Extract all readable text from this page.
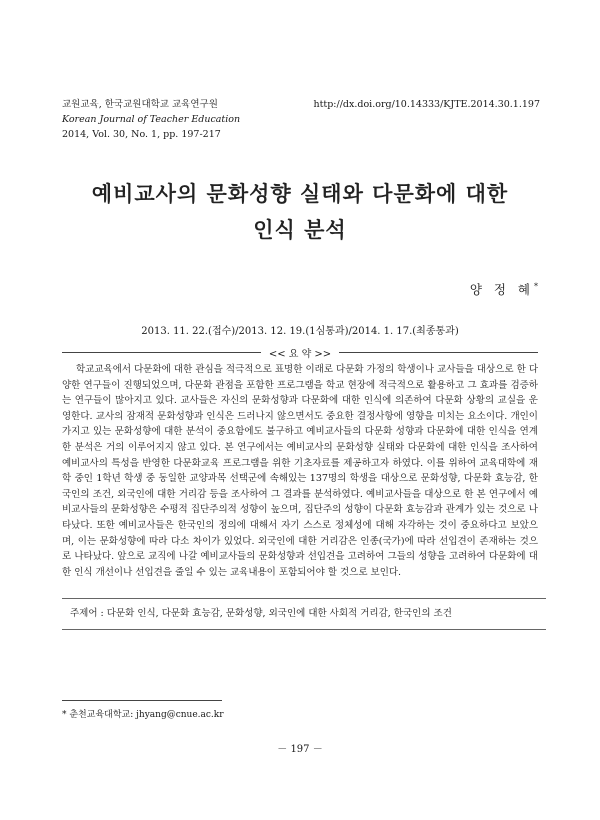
교원교육, 한국교원대학교 교육연구원
Korean Journal of Teacher Education
2014, Vol. 30, No. 1, pp. 197-217
http://dx.doi.org/10.14333/KJTE.2014.30.1.197
예비교사의 문화성향 실태와 다문화에 대한
인식 분석
양 정 혜*
2013. 11. 22.(접수)/2013. 12. 19.(1심통과)/2014. 1. 17.(최종통과)
<< 요 약 >>

학교교육에서 다문화에 대한 관심을 적극적으로 표명한 이래로 다문화 가정의 학생이나 교사들을 대상으로 한 다양한 연구들이 진행되었으며, 다문화 관점을 포함한 프로그램을 학교 현장에 적극적으로 활용하고 그 효과를 검증하는 연구들이 많아지고 있다. 교사들은 자신의 문화성향과 다문화에 대한 인식에 의존하여 다문화 상황의 교실을 운영한다. 교사의 잠재적 문화성향과 인식은 드러나지 않으면서도 중요한 결정사항에 영향을 미치는 요소이다. 개인이 가지고 있는 문화성향에 대한 분석이 중요함에도 불구하고 예비교사들의 다문화 성향과 다문화에 대한 인식을 연계한 분석은 거의 이루어지지 않고 있다. 본 연구에서는 예비교사의 문화성향 실태와 다문화에 대한 인식을 조사하여 예비교사의 특성을 반영한 다문화교육 프로그램을 위한 기초자료를 제공하고자 하였다. 이를 위하여 교육대학에 재학 중인 1학년 학생 중 동일한 교양과목 선택군에 속해있는 137명의 학생을 대상으로 문화성향, 다문화 효능감, 한국인의 조건, 외국인에 대한 거리감 등을 조사하여 그 결과를 분석하였다. 예비교사들을 대상으로 한 본 연구에서 예비교사들의 문화성향은 수평적 집단주의적 성향이 높으며, 집단주의 성향이 다문화 효능감과 관계가 있는 것으로 나타났다. 또한 예비교사들은 한국인의 정의에 대해서 자기 스스로 정체성에 대해 자각하는 것이 중요하다고 보았으며, 이는 문화성향에 따라 다소 차이가 있었다. 외국인에 대한 거리감은 인종(국가)에 따라 선입견이 존재하는 것으로 나타났다. 앞으로 교직에 나갈 예비교사들의 문화성향과 선입견을 고려하여 그들의 성향을 고려하여 다문화에 대한 인식 개선이나 선입견을 줄일 수 있는 교육내용이 포함되어야 할 것으로 보인다.

주제어 : 다문화 인식, 다문화 효능감, 문화성향, 외국인에 대한 사회적 거리감, 한국인의 조건
* 춘천교육대학교: jhyang@cnue.ac.kr
－ 197 －
